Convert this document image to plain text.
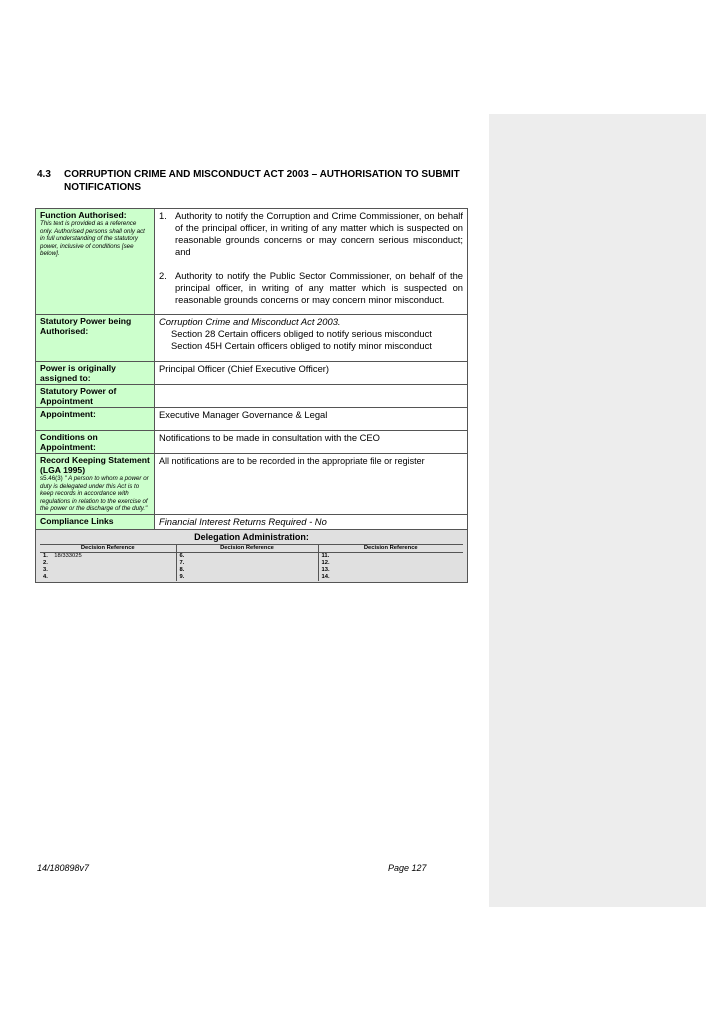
4.3 CORRUPTION CRIME AND MISCONDUCT ACT 2003 – AUTHORISATION TO SUBMIT NOTIFICATIONS
Function Authorised:
This text is provided as a reference only. Authorised persons shall only act in full understanding of the statutory power, inclusive of conditions [see below].

1. Authority to notify the Corruption and Crime Commissioner, on behalf of the principal officer, in writing of any matter which is suspected on reasonable grounds concerns or may concern serious misconduct; and
2. Authority to notify the Public Sector Commissioner, on behalf of the principal officer, in writing of any matter which is suspected on reasonable grounds concerns or may concern minor misconduct.

Statutory Power being Authorised:	
Corruption Crime and Misconduct Act 2003.
Section 28 Certain officers obliged to notify serious misconduct
Section 45H Certain officers obliged to notify minor misconduct

Power is originally assigned to:	Principal Officer (Chief Executive Officer)
Statutory Power of Appointment	
Appointment:	Executive Manager Governance & Legal
Conditions on Appointment:	Notifications to be made in consultation with the CEO
Record Keeping Statement (LGA 1995)
s5.46(3) " A person to whom a power or duty is delegated under this Act is to keep records in accordance with regulations in relation to the exercise of the power or the discharge of the duty."
	All notifications are to be recorded in the appropriate file or register
Compliance Links	Financial Interest Returns Required - No

Delegation Administration:
Decision Reference	Decision Reference	Decision Reference
1. 18/333025	6.	11.
2.	7.	12.
3.	8.	13.
4.	9.	14.
14/180898v7	Page 127
